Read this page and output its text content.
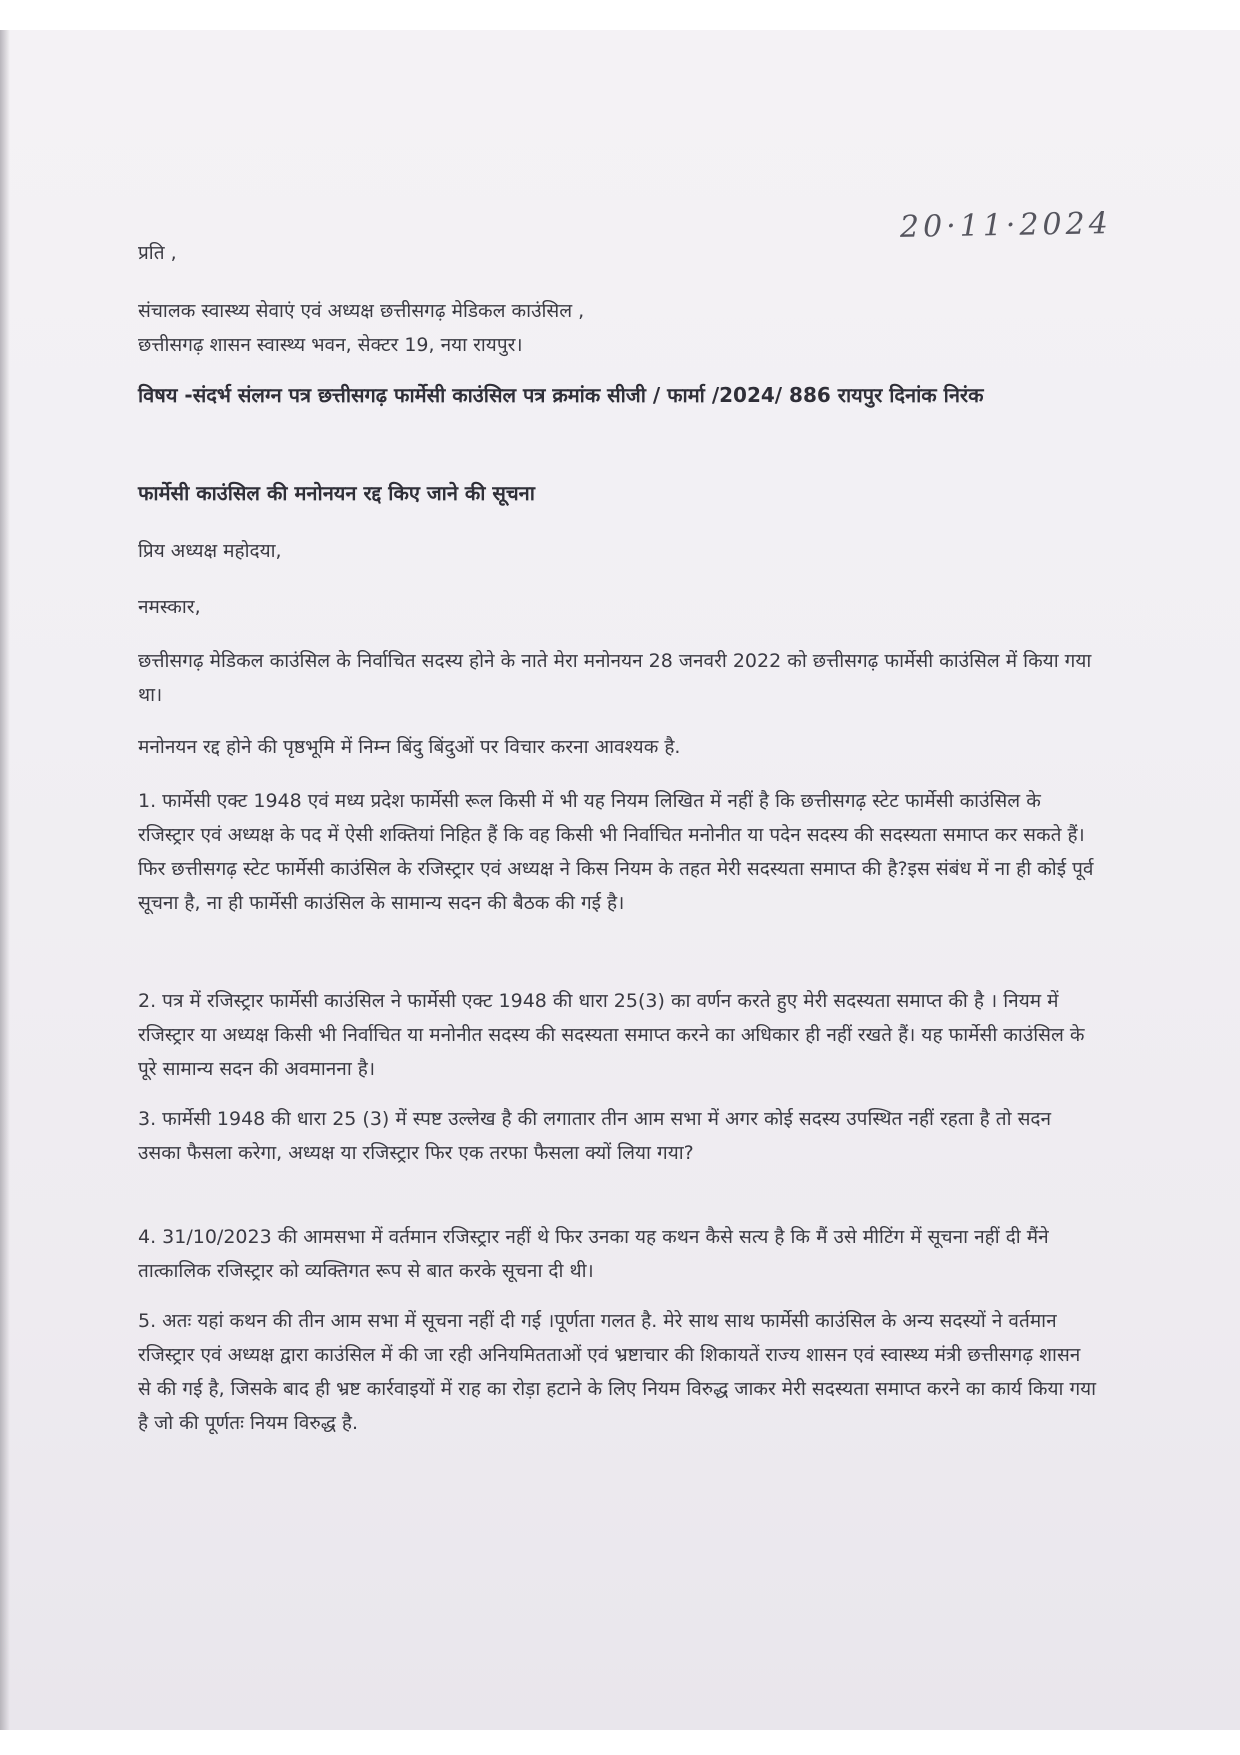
20·11·2024
प्रति ,
संचालक स्वास्थ्य सेवाएं एवं अध्यक्ष छत्तीसगढ़ मेडिकल काउंसिल ,
छत्तीसगढ़ शासन स्वास्थ्य भवन, सेक्टर 19, नया रायपुर।
विषय -संदर्भ संलग्न पत्र छत्तीसगढ़ फार्मेसी काउंसिल पत्र क्रमांक सीजी / फार्मा /2024/ 886 रायपुर दिनांक निरंक
फार्मेसी काउंसिल की मनोनयन रद्द किए जाने की सूचना
प्रिय अध्यक्ष महोदया,
नमस्कार,
छत्तीसगढ़ मेडिकल काउंसिल के निर्वाचित सदस्य होने के नाते मेरा मनोनयन 28 जनवरी 2022 को छत्तीसगढ़ फार्मेसी काउंसिल में किया गया था।
मनोनयन रद्द होने की पृष्ठभूमि में निम्न बिंदु बिंदुओं पर विचार करना आवश्यक है.
1. फार्मेसी एक्ट 1948 एवं मध्य प्रदेश फार्मेसी रूल किसी में भी यह नियम लिखित में नहीं है कि छत्तीसगढ़ स्टेट फार्मेसी काउंसिल के रजिस्ट्रार एवं अध्यक्ष के पद में ऐसी शक्तियां निहित हैं कि वह किसी भी निर्वाचित मनोनीत या पदेन सदस्य की सदस्यता समाप्त कर सकते हैं। फिर छत्तीसगढ़ स्टेट फार्मेसी काउंसिल के रजिस्ट्रार एवं अध्यक्ष ने किस नियम के तहत मेरी सदस्यता समाप्त की है?इस संबंध में ना ही कोई पूर्व सूचना है, ना ही फार्मेसी काउंसिल के सामान्य सदन की बैठक की गई है।
2. पत्र में रजिस्ट्रार फार्मेसी काउंसिल ने फार्मेसी एक्ट 1948 की धारा 25(3) का वर्णन करते हुए मेरी सदस्यता समाप्त की है । नियम में रजिस्ट्रार या अध्यक्ष किसी भी निर्वाचित या मनोनीत सदस्य की सदस्यता समाप्त करने का अधिकार ही नहीं रखते हैं। यह फार्मेसी काउंसिल के पूरे सामान्य सदन की अवमानना है।
3. फार्मेसी 1948 की धारा 25 (3) में स्पष्ट उल्लेख है की लगातार तीन आम सभा में अगर कोई सदस्य उपस्थित नहीं रहता है तो सदन उसका फैसला करेगा, अध्यक्ष या रजिस्ट्रार फिर एक तरफा फैसला क्यों लिया गया?
4. 31/10/2023 की आमसभा में वर्तमान रजिस्ट्रार नहीं थे फिर उनका यह कथन कैसे सत्य है कि मैं उसे मीटिंग में सूचना नहीं दी मैंने तात्कालिक रजिस्ट्रार को व्यक्तिगत रूप से बात करके सूचना दी थी।
5. अतः यहां कथन की तीन आम सभा में सूचना नहीं दी गई ।पूर्णता गलत है. मेरे साथ साथ फार्मेसी काउंसिल के अन्य सदस्यों ने वर्तमान रजिस्ट्रार एवं अध्यक्ष द्वारा काउंसिल में की जा रही अनियमितताओं एवं भ्रष्टाचार की शिकायतें राज्य शासन एवं स्वास्थ्य मंत्री छत्तीसगढ़ शासन से की गई है, जिसके बाद ही भ्रष्ट कार्रवाइयों में राह का रोड़ा हटाने के लिए नियम विरुद्ध जाकर मेरी सदस्यता समाप्त करने का कार्य किया गया है जो की पूर्णतः नियम विरुद्ध है.
